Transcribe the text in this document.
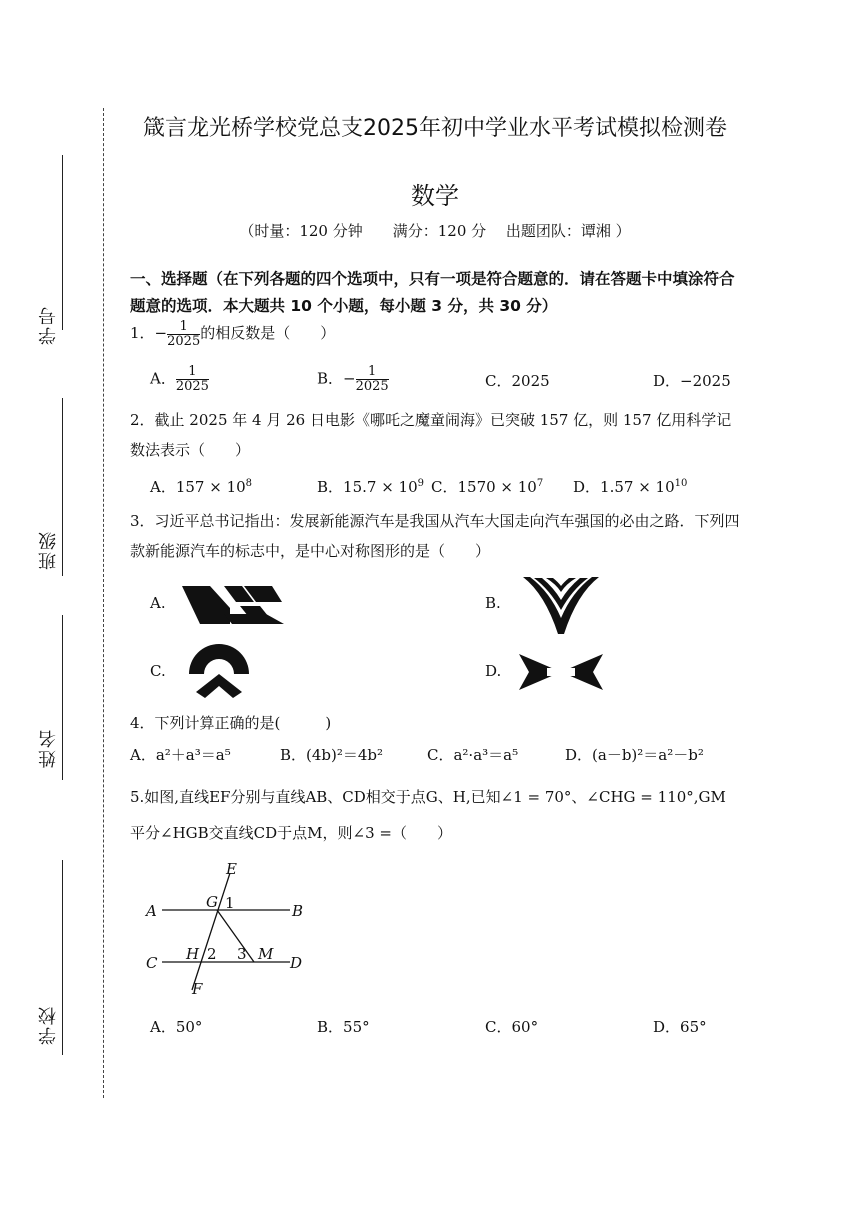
学号
班级
姓名
学校
箴言龙光桥学校党总支2025年初中学业水平考试模拟检测卷
数学
（时量：120 分钟　　满分：120 分　 出题团队：谭湘 ）
一、选择题（在下列各题的四个选项中，只有一项是符合题意的．请在答题卡中填涂符合题意的选项．本大题共 10 个小题，每小题 3 分，共 30 分）
1．− $\frac{1}{2025}$ 的相反数是（　　）
A． $\frac{1}{2025}$	B．− $\frac{1}{2025}$	C．2025	D．−2025
2．截止 2025 年 4 月 26 日电影《哪吒之魔童闹海》已突破 157 亿，则 157 亿用科学记数法表示（　　）
A．$157 \times 10^8$	B．$15.7 \times 10^9$ C．$1570 \times 10^7$ D．$1.57 \times 10^{10}$
3．习近平总书记指出：发展新能源汽车是我国从汽车大国走向汽车强国的必由之路．下列四款新能源汽车的标志中，是中心对称图形的是（　　）
A.	B.
C.	D.
4．下列计算正确的是(　　　)
A．a²＋a³＝a⁵	B．(4b)²＝4b²	C．a²·a³＝a⁵	D．(a－b)²＝a²－b²
5.如图,直线EF分别与直线AB、CD相交于点G、H,已知∠1 = 70°、∠CHG = 110°,GM
平分∠HGB交直线CD于点M，则∠3 =（　　）
E
A	G 1	B
C H 2 3 M D
F
A．50°	B．55°	C．60°	D．65°
